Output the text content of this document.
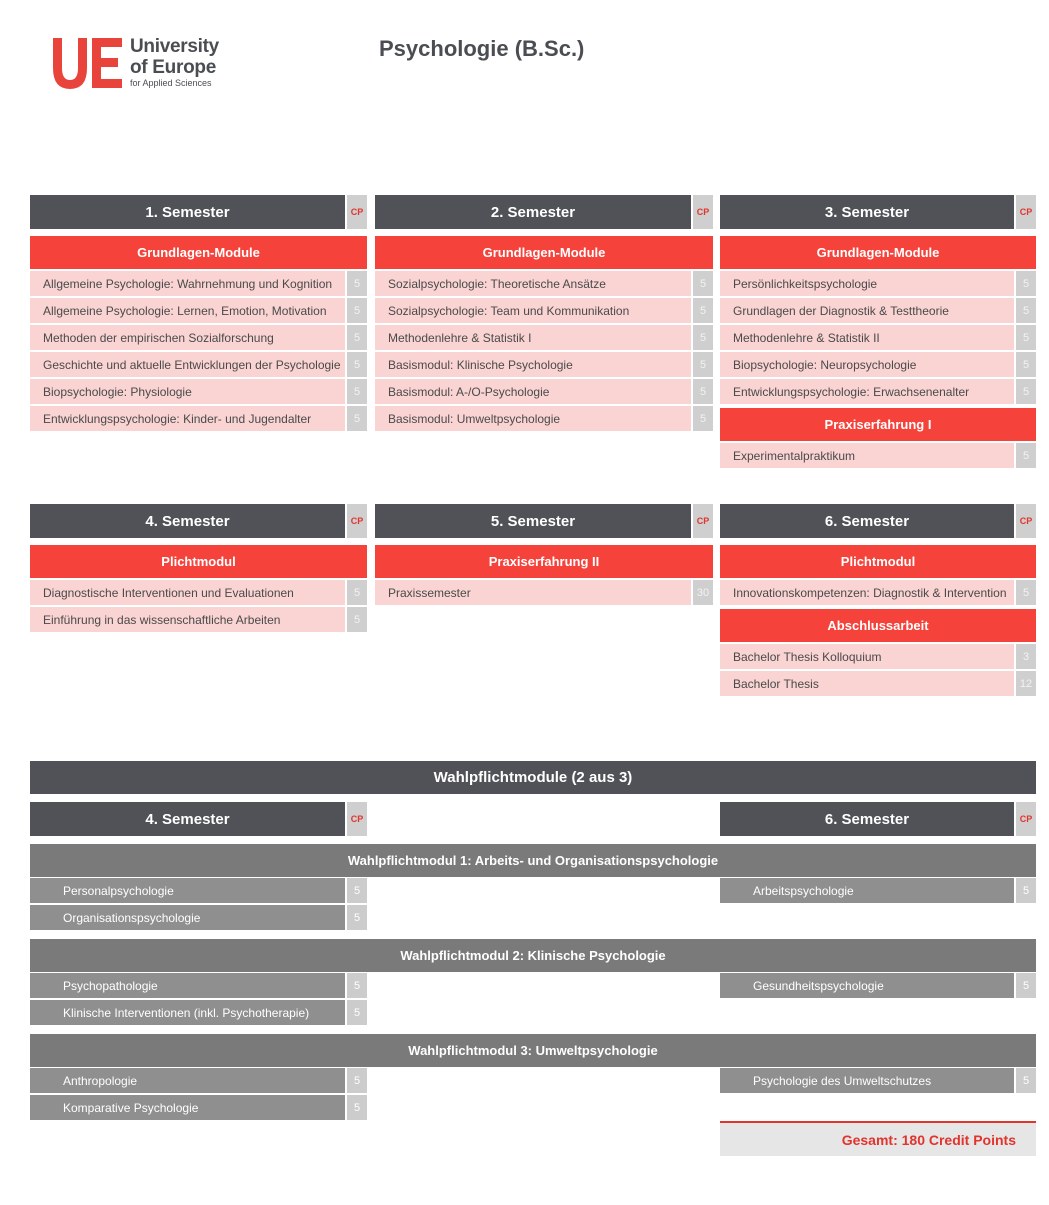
University
of Europe
for Applied Sciences
Psychologie (B.Sc.)
1. Semester	CP
Grundlagen-Module
Allgemeine Psychologie: Wahrnehmung und Kognition	5
Allgemeine Psychologie: Lernen, Emotion, Motivation	5
Methoden der empirischen Sozialforschung	5
Geschichte und aktuelle Entwicklungen der Psychologie	5
Biopsychologie: Physiologie	5
Entwicklungspsychologie: Kinder- und Jugendalter	5
2. Semester	CP
Grundlagen-Module
Sozialpsychologie: Theoretische Ansätze	5
Sozialpsychologie: Team und Kommunikation	5
Methodenlehre & Statistik I	5
Basismodul: Klinische Psychologie	5
Basismodul: A-/O-Psychologie	5
Basismodul: Umweltpsychologie	5
3. Semester	CP
Grundlagen-Module
Persönlichkeitspsychologie	5
Grundlagen der Diagnostik & Testtheorie	5
Methodenlehre & Statistik II	5
Biopsychologie: Neuropsychologie	5
Entwicklungspsychologie: Erwachsenenalter	5
Praxiserfahrung I
Experimentalpraktikum	5
4. Semester	CP
Plichtmodul
Diagnostische Interventionen und Evaluationen	5
Einführung in das wissenschaftliche Arbeiten	5
5. Semester	CP
Praxiserfahrung II
Praxissemester	30
6. Semester	CP
Plichtmodul
Innovationskompetenzen: Diagnostik & Intervention	5
Abschlussarbeit
Bachelor Thesis Kolloquium	3
Bachelor Thesis	12
Wahlpflichtmodule (2 aus 3)
4. Semester	CP	6. Semester	CP
Wahlpflichtmodul 1: Arbeits- und Organisationspsychologie
Personalpsychologie	5
Organisationspsychologie	5
Arbeitspsychologie	5
Wahlpflichtmodul 2: Klinische Psychologie
Psychopathologie	5
Klinische Interventionen (inkl. Psychotherapie)	5
Gesundheitspsychologie	5
Wahlpflichtmodul 3: Umweltpsychologie
Anthropologie	5
Komparative Psychologie	5
Psychologie des Umweltschutzes	5
Gesamt: 180 Credit Points
